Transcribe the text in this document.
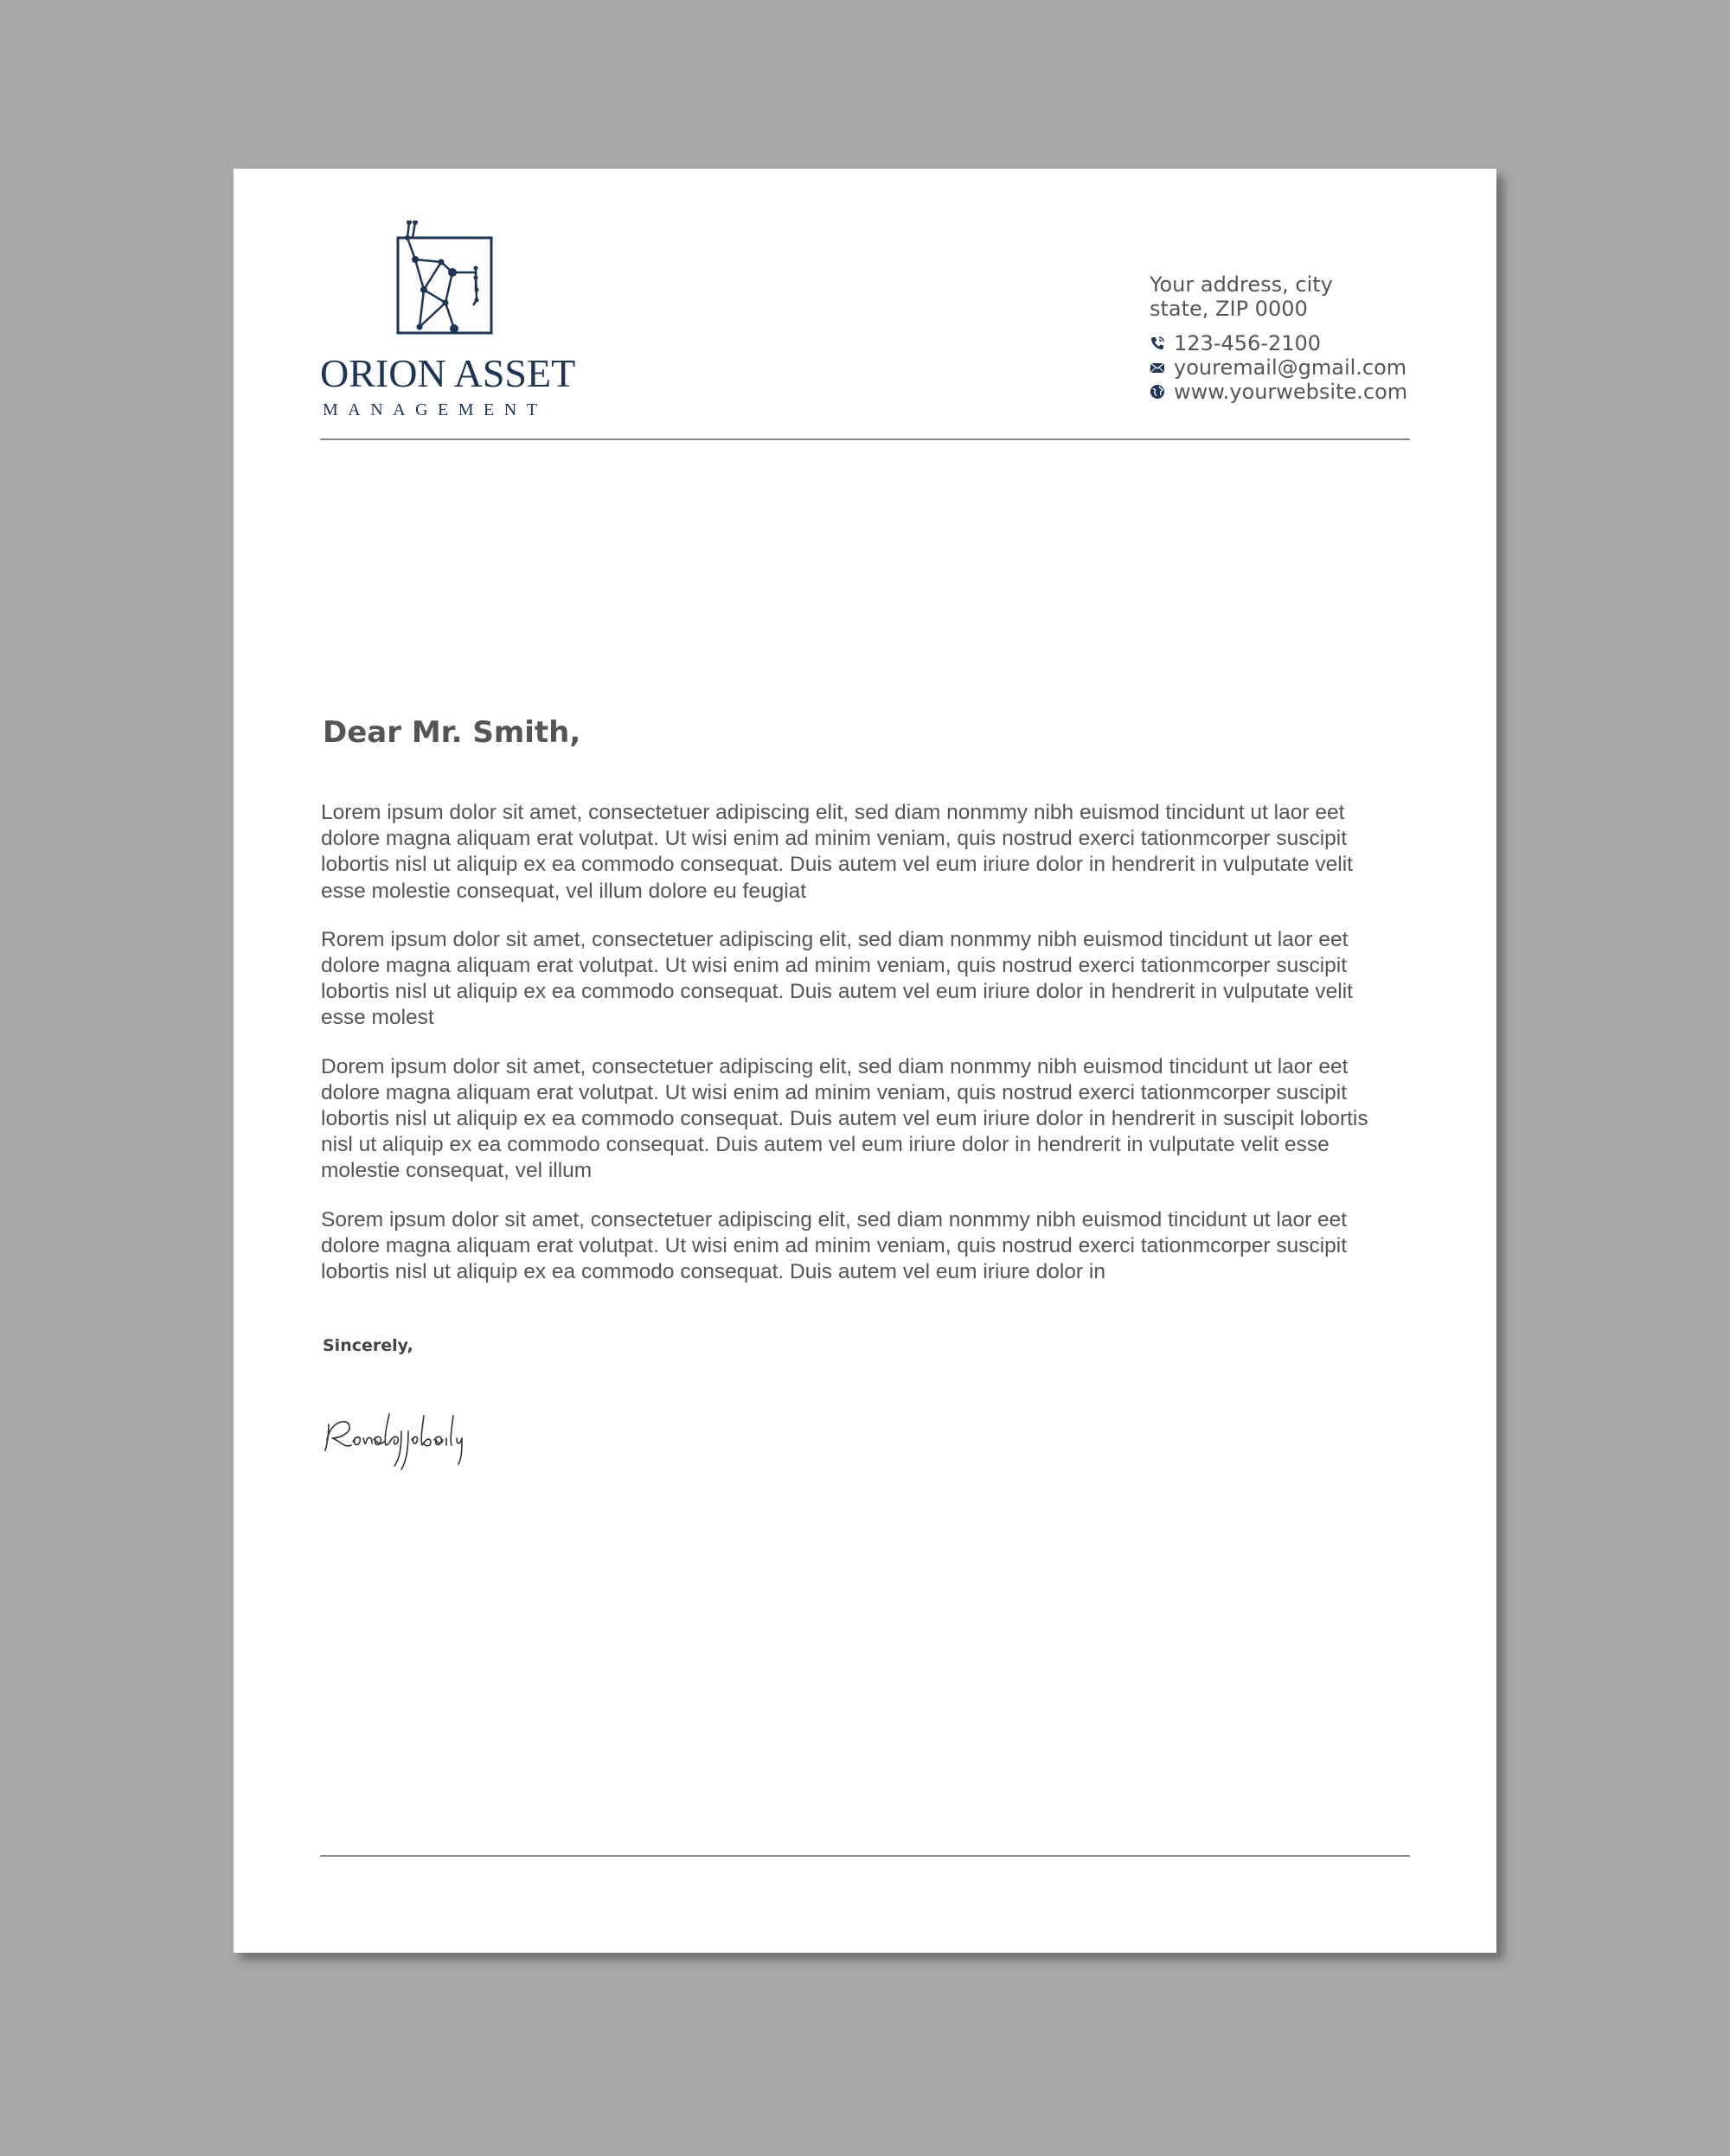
ORION ASSET
MANAGEMENT
Your address, city
state, ZIP 0000
123-456-2100
youremail@gmail.com
www.yourwebsite.com
Dear Mr. Smith,

Lorem ipsum dolor sit amet, consectetuer adipiscing elit, sed diam nonmmy nibh euismod tincidunt ut laor eet dolore magna aliquam erat volutpat. Ut wisi enim ad minim veniam, quis nostrud exerci tationmcorper suscipit lobortis nisl ut aliquip ex ea commodo consequat. Duis autem vel eum iriure dolor in hendrerit in vulputate velit esse molestie consequat, vel illum dolore eu feugiat

Rorem ipsum dolor sit amet, consectetuer adipiscing elit, sed diam nonmmy nibh euismod tincidunt ut laor eet dolore magna aliquam erat volutpat. Ut wisi enim ad minim veniam, quis nostrud exerci tationmcorper suscipit lobortis nisl ut aliquip ex ea commodo consequat. Duis autem vel eum iriure dolor in hendrerit in vulputate velit esse molest

Dorem ipsum dolor sit amet, consectetuer adipiscing elit, sed diam nonmmy nibh euismod tincidunt ut laor eet dolore magna aliquam erat volutpat. Ut wisi enim ad minim veniam, quis nostrud exerci tationmcorper suscipit lobortis nisl ut aliquip ex ea commodo consequat. Duis autem vel eum iriure dolor in hendrerit in suscipit lobortis nisl ut aliquip ex ea commodo consequat. Duis autem vel eum iriure dolor in hendrerit in vulputate velit esse molestie consequat, vel illum

Sorem ipsum dolor sit amet, consectetuer adipiscing elit, sed diam nonmmy nibh euismod tincidunt ut laor eet dolore magna aliquam erat volutpat. Ut wisi enim ad minim veniam, quis nostrud exerci tationmcorper suscipit lobortis nisl ut aliquip ex ea commodo consequat. Duis autem vel eum iriure dolor in

Sincerely,
